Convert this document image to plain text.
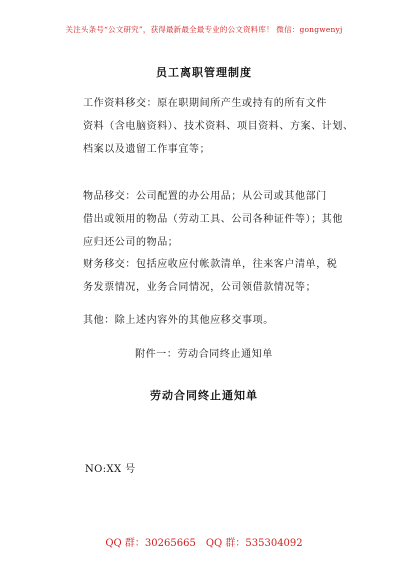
关注头条号“公文研究”，获得最新最全最专业的公文资料库！ 微信：gongwenyj
员工离职管理制度
工作资料移交：原在职期间所产生或持有的所有文件
资料（含电脑资料）、技术资料、项目资料、方案、计划、
档案以及遗留工作事宜等；
物品移交：公司配置的办公用品；从公司或其他部门
借出或领用的物品（劳动工具、公司各种证件等）；其他
应归还公司的物品；
财务移交：包括应收应付帐款清单，往来客户清单，税
务发票情况，业务合同情况，公司领借款情况等；
其他：除上述内容外的其他应移交事项。
附件一：劳动合同终止通知单
劳动合同终止通知单
NO:XX 号
QQ 群：30265665 QQ 群：535304092
